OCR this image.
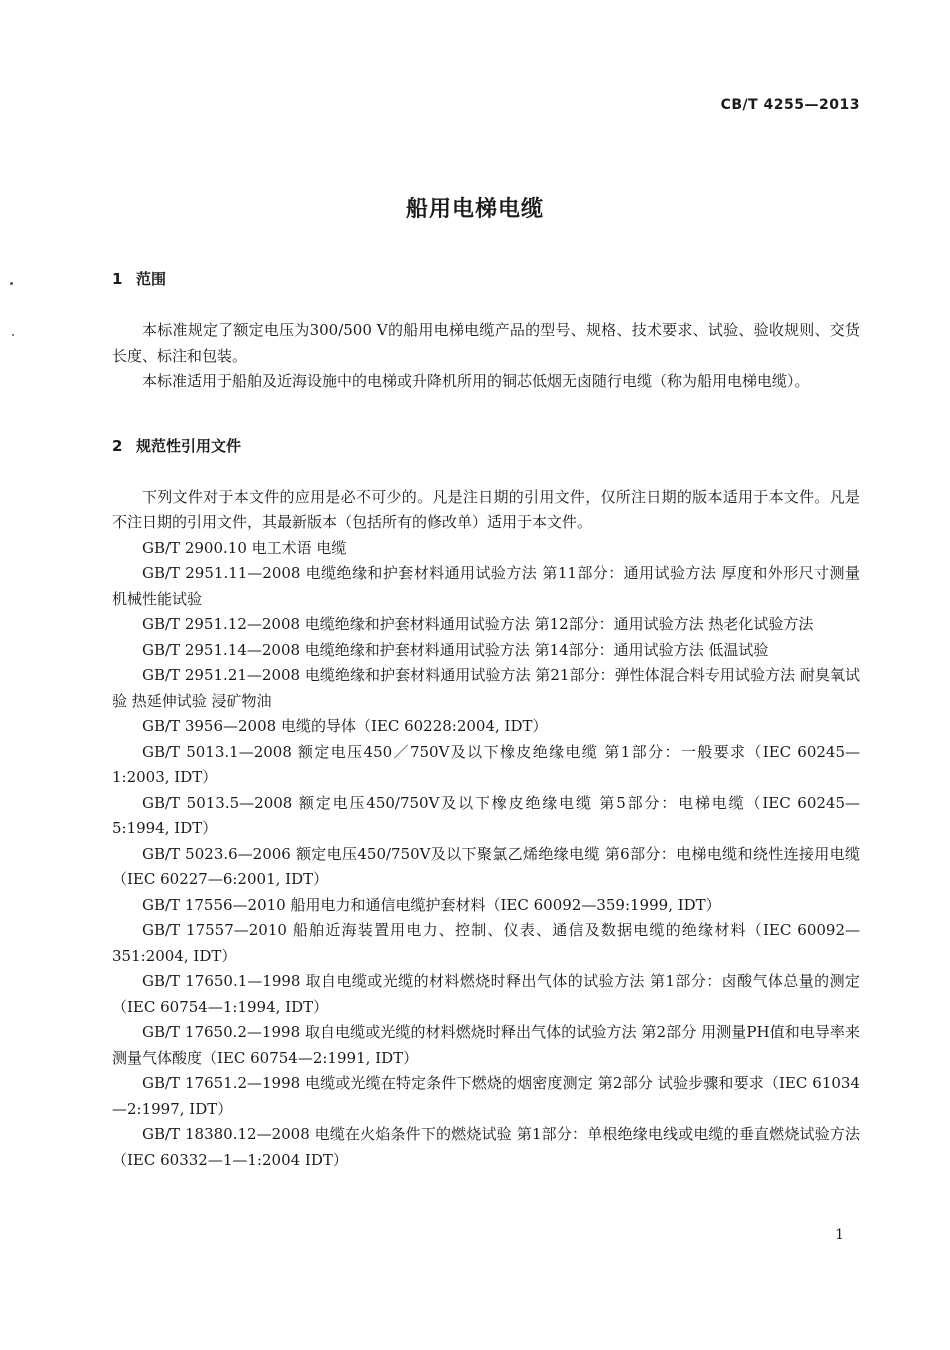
CB/T 4255—2013
船用电梯电缆
1 范围

本标准规定了额定电压为300/500 V的船用电梯电缆产品的型号、规格、技术要求、试验、验收规则、交货长度、标注和包装。

本标准适用于船舶及近海设施中的电梯或升降机所用的铜芯低烟无卤随行电缆（称为船用电梯电缆）。

2 规范性引用文件

下列文件对于本文件的应用是必不可少的。凡是注日期的引用文件，仅所注日期的版本适用于本文件。凡是不注日期的引用文件，其最新版本（包括所有的修改单）适用于本文件。

GB/T 2900.10 电工术语 电缆

GB/T 2951.11—2008 电缆绝缘和护套材料通用试验方法 第11部分：通用试验方法 厚度和外形尺寸测量 机械性能试验

GB/T 2951.12—2008 电缆绝缘和护套材料通用试验方法 第12部分：通用试验方法 热老化试验方法

GB/T 2951.14—2008 电缆绝缘和护套材料通用试验方法 第14部分：通用试验方法 低温试验

GB/T 2951.21—2008 电缆绝缘和护套材料通用试验方法 第21部分：弹性体混合料专用试验方法 耐臭氧试验 热延伸试验 浸矿物油

GB/T 3956—2008 电缆的导体（IEC 60228:2004, IDT）

GB/T 5013.1—2008 额定电压450／750V及以下橡皮绝缘电缆 第1部分：一般要求（IEC 60245—1:2003, IDT）

GB/T 5013.5—2008 额定电压450/750V及以下橡皮绝缘电缆 第5部分：电梯电缆（IEC 60245—5:1994, IDT）

GB/T 5023.6—2006 额定电压450/750V及以下聚氯乙烯绝缘电缆 第6部分：电梯电缆和绕性连接用电缆（IEC 60227—6:2001, IDT）

GB/T 17556—2010 船用电力和通信电缆护套材料（IEC 60092—359:1999, IDT）

GB/T 17557—2010 船舶近海装置用电力、控制、仪表、通信及数据电缆的绝缘材料（IEC 60092—351:2004, IDT）

GB/T 17650.1—1998 取自电缆或光缆的材料燃烧时释出气体的试验方法 第1部分：卤酸气体总量的测定（IEC 60754—1:1994, IDT）

GB/T 17650.2—1998 取自电缆或光缆的材料燃烧时释出气体的试验方法 第2部分 用测量PH值和电导率来测量气体酸度（IEC 60754—2:1991, IDT）

GB/T 17651.2—1998 电缆或光缆在特定条件下燃烧的烟密度测定 第2部分 试验步骤和要求（IEC 61034—2:1997, IDT）

GB/T 18380.12—2008 电缆在火焰条件下的燃烧试验 第1部分：单根绝缘电线或电缆的垂直燃烧试验方法（IEC 60332—1—1:2004 IDT）

1
